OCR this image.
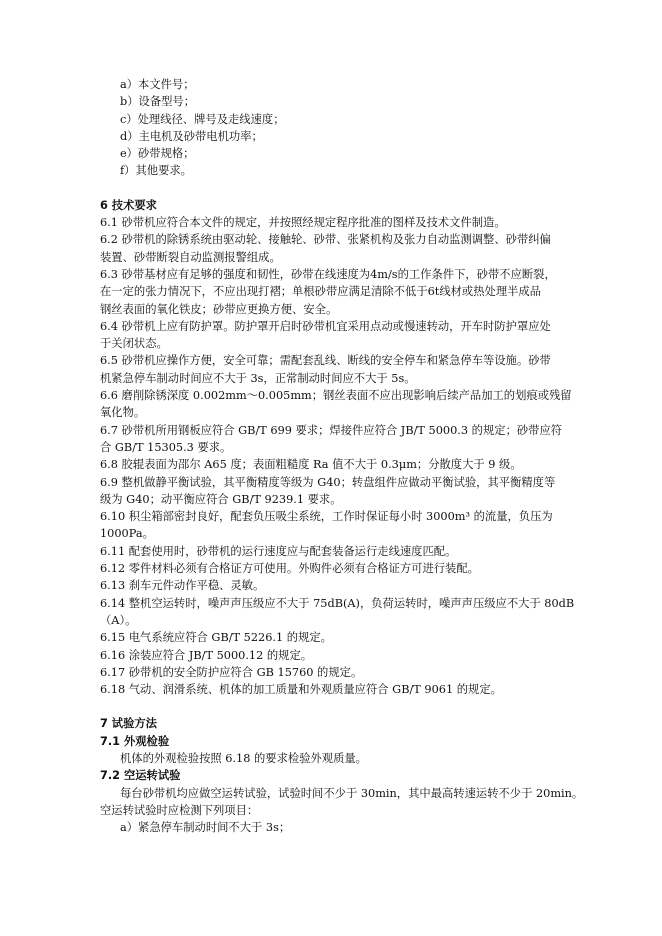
a）本文件号；
b）设备型号；
c）处理线径、牌号及走线速度；
d）主电机及砂带电机功率；
e）砂带规格；
f）其他要求。
6 技术要求
6.1 砂带机应符合本文件的规定，并按照经规定程序批准的图样及技术文件制造。
6.2 砂带机的除锈系统由驱动轮、接触轮、砂带、张紧机构及张力自动监测调整、砂带纠偏
装置、砂带断裂自动监测报警组成。
6.3 砂带基材应有足够的强度和韧性，砂带在线速度为4m/s的工作条件下，砂带不应断裂，
在一定的张力情况下，不应出现打褶；单根砂带应满足清除不低于6t线材或热处理半成品
钢丝表面的氧化铁皮；砂带应更换方便、安全。
6.4 砂带机上应有防护罩。防护罩开启时砂带机宜采用点动或慢速转动，开车时防护罩应处
于关闭状态。
6.5 砂带机应操作方便，安全可靠；需配套乱线、断线的安全停车和紧急停车等设施。砂带
机紧急停车制动时间应不大于 3s，正常制动时间应不大于 5s。
6.6 磨削除锈深度 0.002mm～0.005mm；钢丝表面不应出现影响后续产品加工的划痕或残留
氧化物。
6.7 砂带机所用钢板应符合 GB/T 699 要求；焊接件应符合 JB/T 5000.3 的规定；砂带应符
合 GB/T 15305.3 要求。
6.8 胶辊表面为邵尔 A65 度；表面粗糙度 Ra 值不大于 0.3μm；分散度大于 9 级。
6.9 整机做静平衡试验，其平衡精度等级为 G40；转盘组件应做动平衡试验，其平衡精度等
级为 G40；动平衡应符合 GB/T 9239.1 要求。
6.10 积尘箱部密封良好，配套负压吸尘系统，工作时保证每小时 3000m³ 的流量，负压为
1000Pa。
6.11 配套使用时，砂带机的运行速度应与配套装备运行走线速度匹配。
6.12 零件材料必须有合格证方可使用。外购件必须有合格证方可进行装配。
6.13 刹车元件动作平稳、灵敏。
6.14 整机空运转时，噪声声压级应不大于 75dB(A)，负荷运转时，噪声声压级应不大于 80dB
（A）。
6.15 电气系统应符合 GB/T 5226.1 的规定。
6.16 涂装应符合 JB/T 5000.12 的规定。
6.17 砂带机的安全防护应符合 GB 15760 的规定。
6.18 气动、润滑系统、机体的加工质量和外观质量应符合 GB/T 9061 的规定。
7 试验方法
7.1 外观检验
机体的外观检验按照 6.18 的要求检验外观质量。
7.2 空运转试验
每台砂带机均应做空运转试验，试验时间不少于 30min，其中最高转速运转不少于 20min。
空运转试验时应检测下列项目：
a）紧急停车制动时间不大于 3s；
